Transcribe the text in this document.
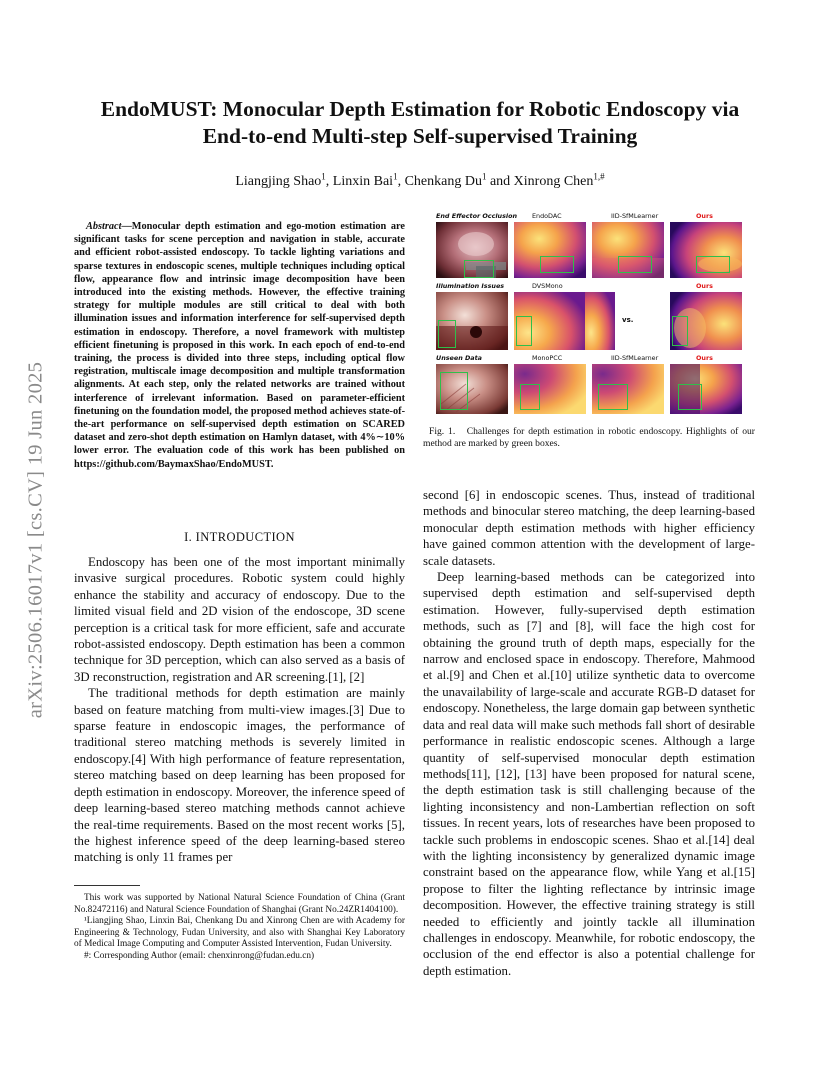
arXiv:2506.16017v1 [cs.CV] 19 Jun 2025
EndoMUST: Monocular Depth Estimation for Robotic Endoscopy via End-to-end Multi-step Self-supervised Training
Liangjing Shao$^1$, Linxin Bai$^1$, Chenkang Du$^1$ and Xinrong Chen$^{1,\#}$
Abstract—Monocular depth estimation and ego-motion estimation are significant tasks for scene perception and navigation in stable, accurate and efficient robot-assisted endoscopy. To tackle lighting variations and sparse textures in endoscopic scenes, multiple techniques including optical flow, appearance flow and intrinsic image decomposition have been introduced into the existing methods. However, the effective training strategy for multiple modules are still critical to deal with both illumination issues and information interference for self-supervised depth estimation in endoscopy. Therefore, a novel framework with multistep efficient finetuning is proposed in this work. In each epoch of end-to-end training, the process is divided into three steps, including optical flow registration, multiscale image decomposition and multiple transformation alignments. At each step, only the related networks are trained without interference of irrelevant information. Based on parameter-efficient finetuning on the foundation model, the proposed method achieves state-of-the-art performance on self-supervised depth estimation on SCARED dataset and zero-shot depth estimation on Hamlyn dataset, with 4%∼10% lower error. The evaluation code of this work has been published on https://github.com/BaymaxShao/EndoMUST.
I. INTRODUCTION

Endoscopy has been one of the most important minimally invasive surgical procedures. Robotic system could highly enhance the stability and accuracy of endoscopy. Due to the limited visual field and 2D vision of the endoscope, 3D scene perception is a critical task for more efficient, safe and accurate robot-assisted endoscopy. Depth estimation has been a common technique for 3D perception, which can also served as a basis of 3D reconstruction, registration and AR screening.[1], [2]

The traditional methods for depth estimation are mainly based on feature matching from multi-view images.[3] Due to sparse feature in endoscopic images, the performance of traditional stereo matching methods is severely limited in endoscopy.[4] With high performance of feature representation, stereo matching based on deep learning has been proposed for depth estimation in endoscopy. Moreover, the inference speed of deep learning-based stereo matching methods cannot achieve the real-time requirements. Based on the most recent works [5], the highest inference speed of the deep learning-based stereo matching is only 11 frames per

This work was supported by National Natural Science Foundation of China (Grant No.82472116) and Natural Science Foundation of Shanghai (Grant No.24ZR1404100).

¹Liangjing Shao, Linxin Bai, Chenkang Du and Xinrong Chen are with Academy for Engineering & Technology, Fudan University, and also with Shanghai Key Laboratory of Medical Image Computing and Computer Assisted Intervention, Fudan University.

#: Corresponding Author (email: chenxinrong@fudan.edu.cn)

End Effector Occlusion EndoDAC	IID-SfMLearner	Ours
Illumination Issues	DVSMono	Ours
vs.
Unseen Data	MonoPCC	IID-SfMLearner	Ours
Fig. 1. Challenges for depth estimation in robotic endoscopy. Highlights of our method are marked by green boxes.

second [6] in endoscopic scenes. Thus, instead of traditional methods and binocular stereo matching, the deep learning-based monocular depth estimation methods with higher efficiency have gained common attention with the development of large-scale datasets.

Deep learning-based methods can be categorized into supervised depth estimation and self-supervised depth estimation. However, fully-supervised depth estimation methods, such as [7] and [8], will face the high cost for obtaining the ground truth of depth maps, especially for the narrow and enclosed space in endoscopy. Therefore, Mahmood et al.[9] and Chen et al.[10] utilize synthetic data to overcome the unavailability of large-scale and accurate RGB-D dataset for endoscopy. Nonetheless, the large domain gap between synthetic data and real data will make such methods fall short of desirable performance in realistic endoscopic scenes. Although a large quantity of self-supervised monocular depth estimation methods[11], [12], [13] have been proposed for natural scene, the depth estimation task is still challenging because of the lighting inconsistency and non-Lambertian reflection on soft tissues. In recent years, lots of researches have been proposed to tackle such problems in endoscopic scenes. Shao et al.[14] deal with the lighting inconsistency by generalized dynamic image constraint based on the appearance flow, while Yang et al.[15] propose to filter the lighting reflectance by intrinsic image decomposition. However, the effective training strategy is still needed to efficiently and jointly tackle all illumination challenges in endoscopy. Meanwhile, for robotic endoscopy, the occlusion of the end effector is also a potential challenge for depth estimation.
